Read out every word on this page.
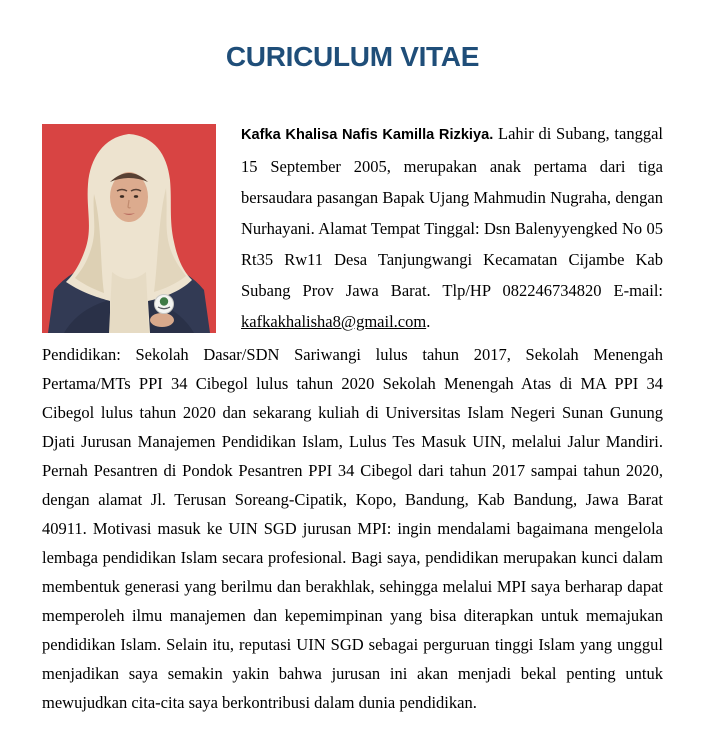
CURICULUM VITAE

Kafka Khalisa Nafis Kamilla Rizkiya. Lahir di Subang, tanggal 15 September 2005, merupakan anak pertama dari tiga bersaudara pasangan Bapak Ujang Mahmudin Nugraha, dengan Nurhayani. Alamat Tempat Tinggal: Dsn Balenyyengked No 05 Rt35 Rw11 Desa Tanjungwangi Kecamatan Cijambe Kab Subang Prov Jawa Barat. Tlp/HP 082246734820 E-mail: kafkakhalisha8@gmail.com.

Pendidikan: Sekolah Dasar/SDN Sariwangi lulus tahun 2017, Sekolah Menengah Pertama/MTs PPI 34 Cibegol lulus tahun 2020 Sekolah Menengah Atas di MA PPI 34 Cibegol lulus tahun 2020 dan sekarang kuliah di Universitas Islam Negeri Sunan Gunung Djati Jurusan Manajemen Pendidikan Islam, Lulus Tes Masuk UIN, melalui Jalur Mandiri. Pernah Pesantren di Pondok Pesantren PPI 34 Cibegol dari tahun 2017 sampai tahun 2020, dengan alamat Jl. Terusan Soreang-Cipatik, Kopo, Bandung, Kab Bandung, Jawa Barat 40911. Motivasi masuk ke UIN SGD jurusan MPI: ingin mendalami bagaimana mengelola lembaga pendidikan Islam secara profesional. Bagi saya, pendidikan merupakan kunci dalam membentuk generasi yang berilmu dan berakhlak, sehingga melalui MPI saya berharap dapat memperoleh ilmu manajemen dan kepemimpinan yang bisa diterapkan untuk memajukan pendidikan Islam. Selain itu, reputasi UIN SGD sebagai perguruan tinggi Islam yang unggul menjadikan saya semakin yakin bahwa jurusan ini akan menjadi bekal penting untuk mewujudkan cita-cita saya berkontribusi dalam dunia pendidikan.
